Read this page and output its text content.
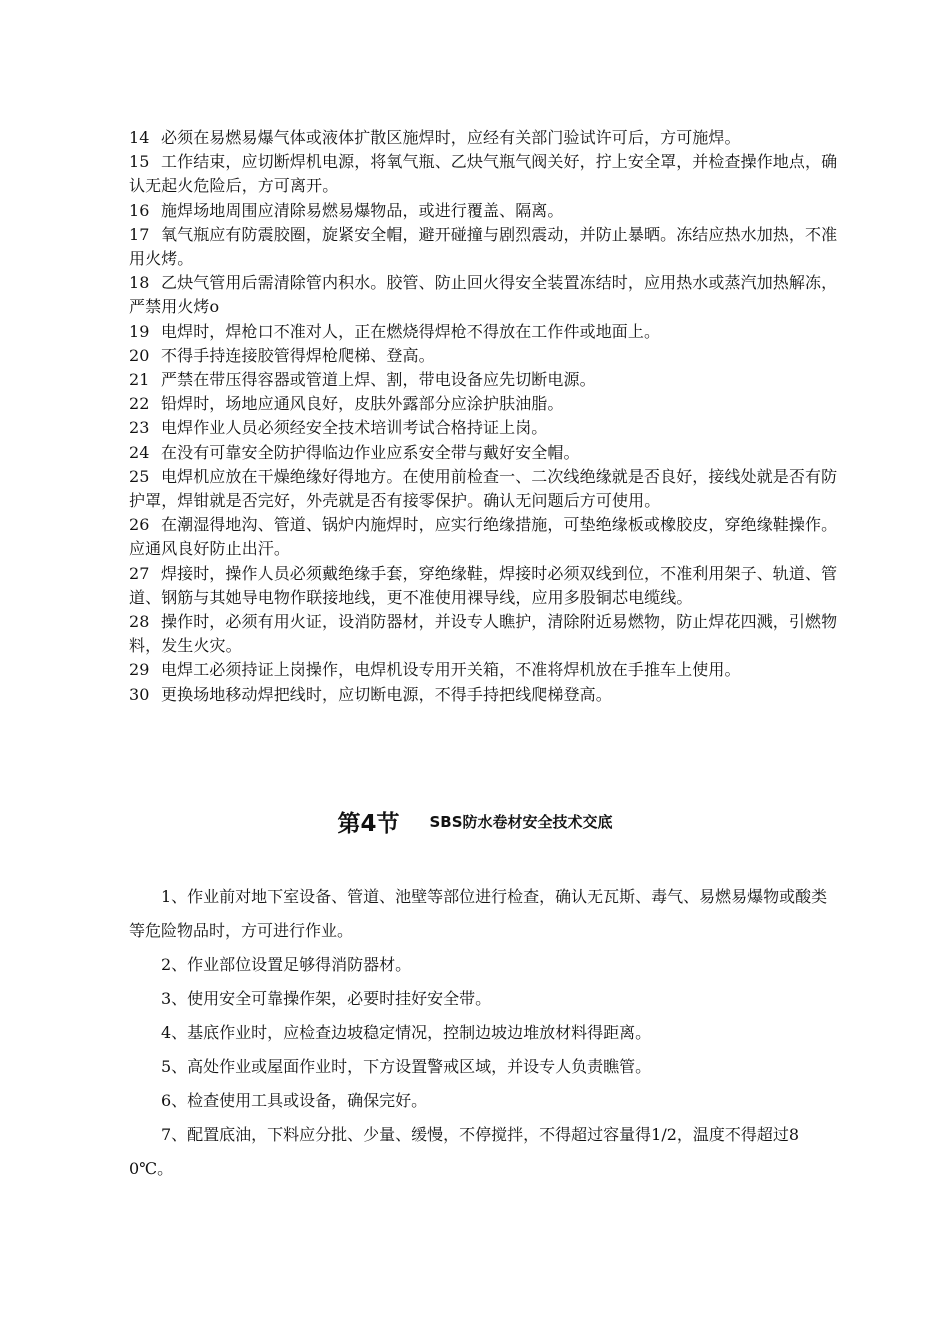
14 必须在易燃易爆气体或液体扩散区施焊时，应经有关部门验试许可后，方可施焊。
15 工作结束，应切断焊机电源，将氧气瓶、乙炔气瓶气阀关好，拧上安全罩，并检查操作地点，确认无起火危险后，方可离开。
16 施焊场地周围应清除易燃易爆物品，或进行覆盖、隔离。
17 氧气瓶应有防震胶圈，旋紧安全帽，避开碰撞与剧烈震动，并防止暴晒。冻结应热水加热，不准用火烤。
18 乙炔气管用后需清除管内积水。胶管、防止回火得安全装置冻结时，应用热水或蒸汽加热解冻，严禁用火烤o
19 电焊时，焊枪口不准对人，正在燃烧得焊枪不得放在工作件或地面上。
20 不得手持连接胶管得焊枪爬梯、登高。
21 严禁在带压得容器或管道上焊、割，带电设备应先切断电源。
22 铅焊时，场地应通风良好，皮肤外露部分应涂护肤油脂。
23 电焊作业人员必须经安全技术培训考试合格持证上岗。
24 在没有可靠安全防护得临边作业应系安全带与戴好安全帽。
25 电焊机应放在干燥绝缘好得地方。在使用前检查一、二次线绝缘就是否良好，接线处就是否有防护罩，焊钳就是否完好，外壳就是否有接零保护。确认无问题后方可使用。
26 在潮湿得地沟、管道、锅炉内施焊时，应实行绝缘措施，可垫绝缘板或橡胶皮，穿绝缘鞋操作。应通风良好防止出汗。
27 焊接时，操作人员必须戴绝缘手套，穿绝缘鞋，焊接时必须双线到位，不准利用架子、轨道、管道、钢筋与其她导电物作联接地线，更不准使用裸导线，应用多股铜芯电缆线。
28 操作时，必须有用火证，设消防器材，并设专人瞧护，清除附近易燃物，防止焊花四溅，引燃物料，发生火灾。
29 电焊工必须持证上岗操作，电焊机设专用开关箱，不准将焊机放在手推车上使用。
30 更换场地移动焊把线时，应切断电源，不得手持把线爬梯登高。
第4节 SBS防水卷材安全技术交底

1、作业前对地下室设备、管道、池壁等部位进行检查，确认无瓦斯、毒气、易燃易爆物或酸类等危险物品时，方可进行作业。

2、作业部位设置足够得消防器材。

3、使用安全可靠操作架，必要时挂好安全带。

4、基底作业时，应检查边坡稳定情况，控制边坡边堆放材料得距离。

5、高处作业或屋面作业时，下方设置警戒区域，并设专人负责瞧管。

6、检查使用工具或设备，确保完好。

7、配置底油，下料应分批、少量、缓慢，不停搅拌，不得超过容量得1/2，温度不得超过80℃。
